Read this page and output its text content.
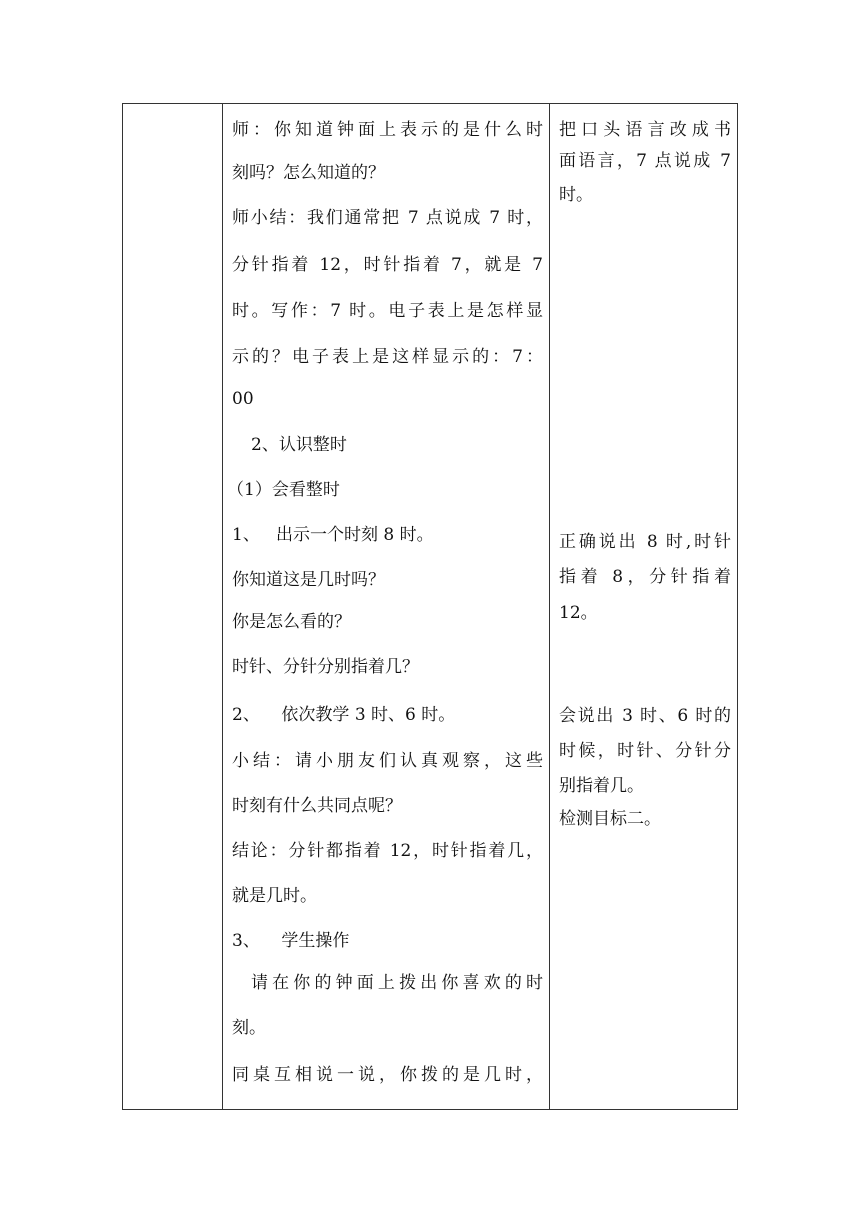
师：你知道钟面上表示的是什么时
刻吗？怎么知道的？
师小结：我们通常把 7 点说成 7 时，
分针指着 12，时针指着 7，就是 7
时。写作：7 时。电子表上是怎样显
示的？电子表上是这样显示的：7：
00
2、认识整时
（1）会看整时
1、   出示一个时刻 8 时。
你知道这是几时吗？
你是怎么看的？
时针、分针分别指着几？
2、    依次教学 3 时、6 时。
小结：请小朋友们认真观察，这些
时刻有什么共同点呢？
结论：分针都指着 12，时针指着几，
就是几时。
3、    学生操作
请在你的钟面上拨出你喜欢的时
刻。
同桌互相说一说，你拨的是几时，
把口头语言改成书
面语言，7 点说成 7
时。
正确说出 8 时,时针
指着 8，分针指着
12。
会说出 3 时、6 时的
时候，时针、分针分
别指着几。
检测目标二。
